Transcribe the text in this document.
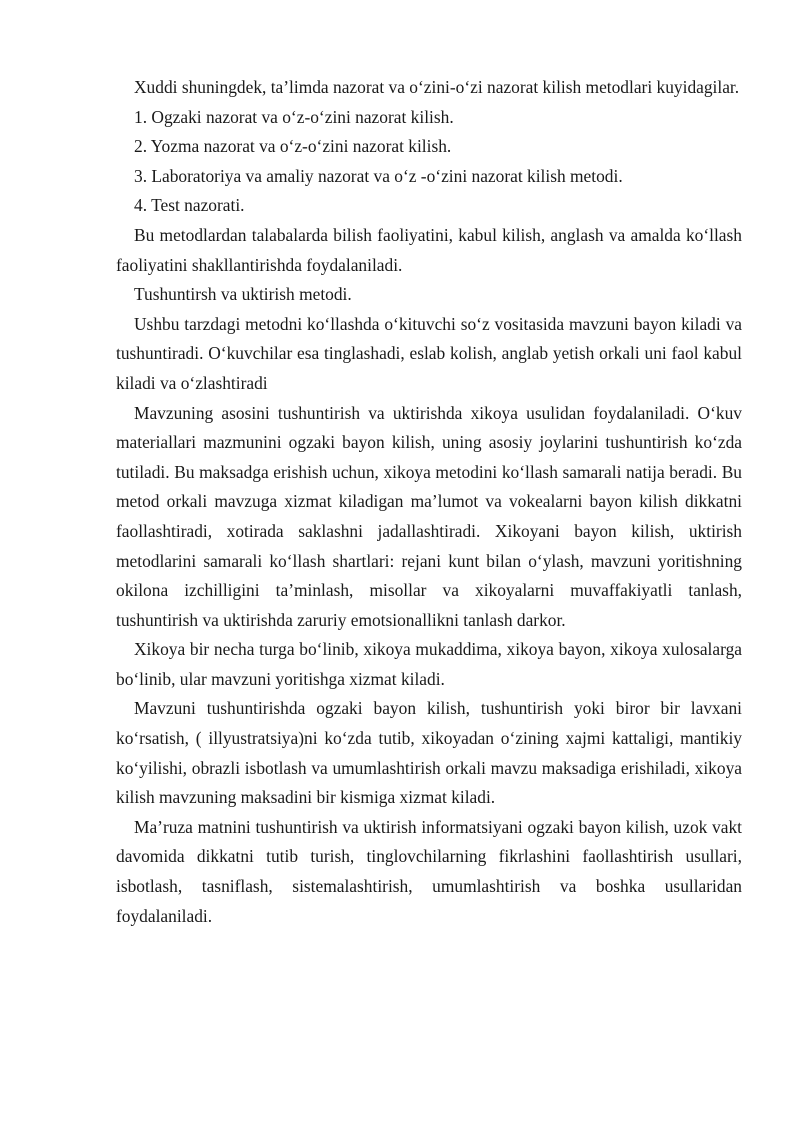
Xuddi shuningdek, ta’limda nazorat va o‘zini-o‘zi nazorat kilish metodlari kuyidagilar.

1. Ogzaki nazorat va o‘z-o‘zini nazorat kilish.

2. Yozma nazorat va o‘z-o‘zini nazorat kilish.

3. Laboratoriya va amaliy nazorat va o‘z -o‘zini nazorat kilish metodi.

4. Test nazorati.

Bu metodlardan talabalarda bilish faoliyatini, kabul kilish, anglash va amalda ko‘llash faoliyatini shakllantirishda foydalaniladi.

Tushuntirsh va uktirish metodi.

Ushbu tarzdagi metodni ko‘llashda o‘kituvchi so‘z vositasida mavzuni bayon kiladi va tushuntiradi. O‘kuvchilar esa tinglashadi, eslab kolish, anglab yetish orkali uni faol kabul kiladi va o‘zlashtiradi

Mavzuning asosini tushuntirish va uktirishda xikoya usulidan foydalaniladi. O‘kuv materiallari mazmunini ogzaki bayon kilish, uning asosiy joylarini tushuntirish ko‘zda tutiladi. Bu maksadga erishish uchun, xikoya metodini ko‘llash samarali natija beradi. Bu metod orkali mavzuga xizmat kiladigan ma’lumot va vokealarni bayon kilish dikkatni faollashtiradi, xotirada saklashni jadallashtiradi. Xikoyani bayon kilish, uktirish metodlarini samarali ko‘llash shartlari: rejani kunt bilan o‘ylash, mavzuni yoritishning okilona izchilligini ta’minlash, misollar va xikoyalarni muvaffakiyatli tanlash, tushuntirish va uktirishda zaruriy emotsionallikni tanlash darkor.

Xikoya bir necha turga bo‘linib, xikoya mukaddima, xikoya bayon, xikoya xulosalarga bo‘linib, ular mavzuni yoritishga xizmat kiladi.

Mavzuni tushuntirishda ogzaki bayon kilish, tushuntirish yoki biror bir lavxani ko‘rsatish, ( illyustratsiya)ni ko‘zda tutib, xikoyadan o‘zining xajmi kattaligi, mantikiy ko‘yilishi, obrazli isbotlash va umumlashtirish orkali mavzu maksadiga erishiladi, xikoya kilish mavzuning maksadini bir kismiga xizmat kiladi.

Ma’ruza matnini tushuntirish va uktirish informatsiyani ogzaki bayon kilish, uzok vakt davomida dikkatni tutib turish, tinglovchilarning fikrlashini faollashtirish usullari, isbotlash, tasniflash, sistemalashtirish, umumlashtirish va boshka usullaridan foydalaniladi.
